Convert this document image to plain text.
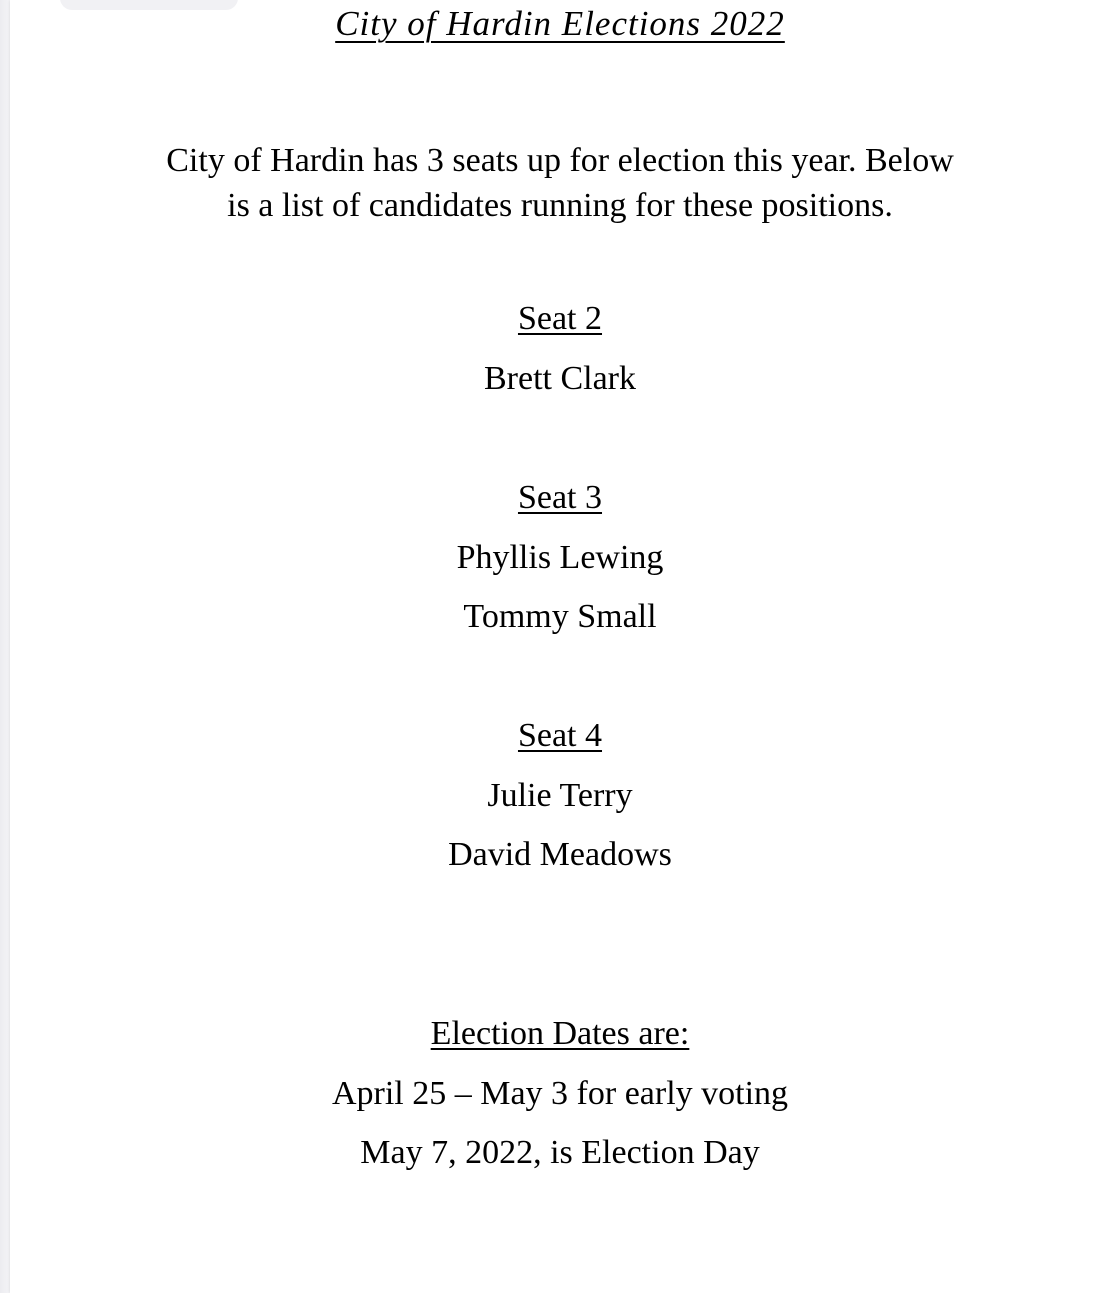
City of Hardin Elections 2022
City of Hardin has 3 seats up for election this year. Below
is a list of candidates running for these positions.
Seat 2
Brett Clark
Seat 3
Phyllis Lewing
Tommy Small
Seat 4
Julie Terry
David Meadows
Election Dates are:
April 25 – May 3 for early voting
May 7, 2022, is Election Day
